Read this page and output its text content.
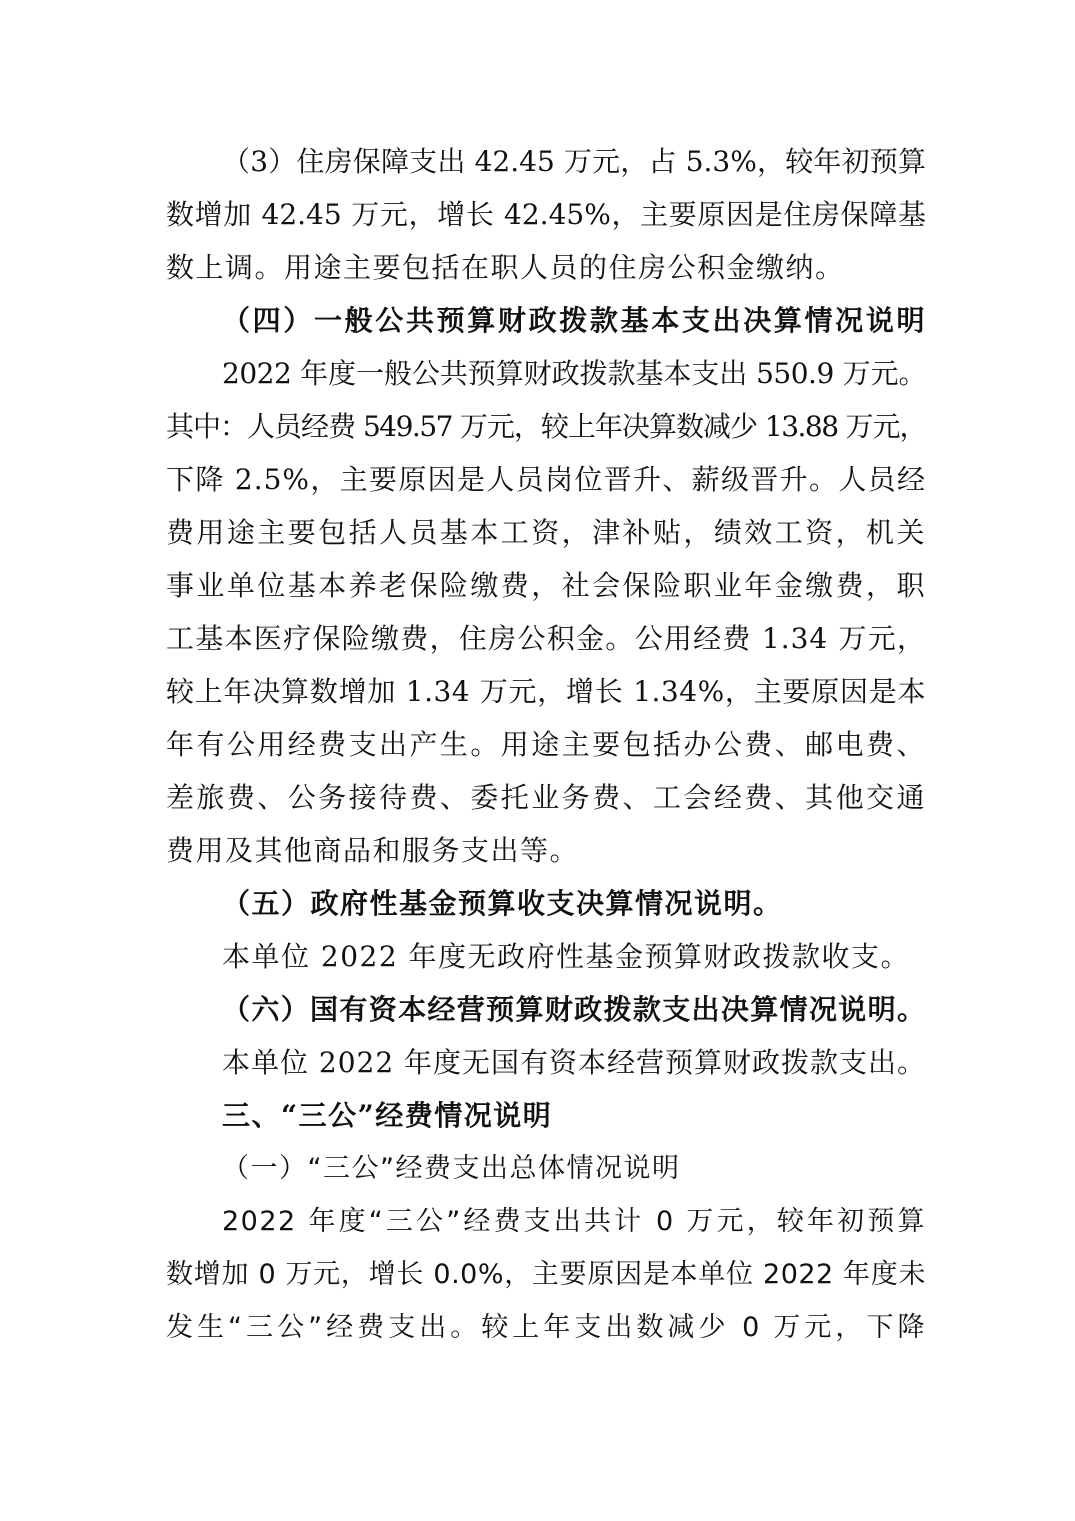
（3）住房保障支出 42.45 万元，占 5.3%，较年初预算
数增加 42.45 万元，增长 42.45%，主要原因是住房保障基
数上调。用途主要包括在职人员的住房公积金缴纳。
（四）一般公共预算财政拨款基本支出决算情况说明
2022 年度一般公共预算财政拨款基本支出 550.9 万元。
其中：人员经费 549.57 万元，较上年决算数减少 13.88 万元，
下降 2.5%，主要原因是人员岗位晋升、薪级晋升。人员经
费用途主要包括人员基本工资，津补贴，绩效工资，机关
事业单位基本养老保险缴费，社会保险职业年金缴费，职
工基本医疗保险缴费，住房公积金。公用经费 1.34 万元，
较上年决算数增加 1.34 万元，增长 1.34%，主要原因是本
年有公用经费支出产生。用途主要包括办公费、邮电费、
差旅费、公务接待费、委托业务费、工会经费、其他交通
费用及其他商品和服务支出等。
（五）政府性基金预算收支决算情况说明。
本单位 2022 年度无政府性基金预算财政拨款收支。
（六）国有资本经营预算财政拨款支出决算情况说明。
本单位 2022 年度无国有资本经营预算财政拨款支出。
三、“三公”经费情况说明
（一）“三公”经费支出总体情况说明
2022 年度“三公”经费支出共计 0 万元，较年初预算
数增加 0 万元，增长 0.0%，主要原因是本单位 2022 年度未
发生“三公”经费支出。较上年支出数减少 0 万元，下降
